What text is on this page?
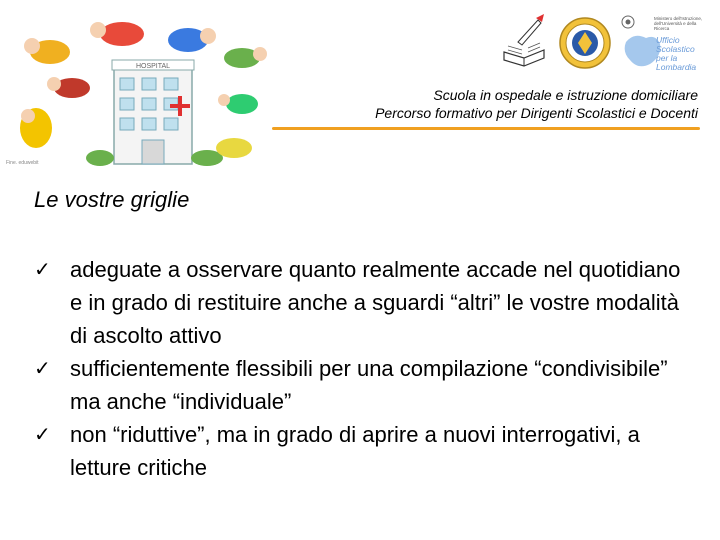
HOSPITAL
Fine. eduwebit
Ministero dell'Istruzione, dell'Università e della Ricerca
Ufficio Scolastico per la Lombardia
Scuola in ospedale e istruzione domiciliare
Percorso formativo per Dirigenti Scolastici e Docenti
Le vostre griglie
✓ adeguate a osservare quanto realmente accade nel quotidiano e in grado di restituire anche a sguardi “altri” le vostre modalità di ascolto attivo
✓ sufficientemente flessibili per una compilazione “condivisibile” ma anche “individuale”
✓ non “riduttive”, ma in grado di aprire a nuovi interrogativi, a letture critiche
